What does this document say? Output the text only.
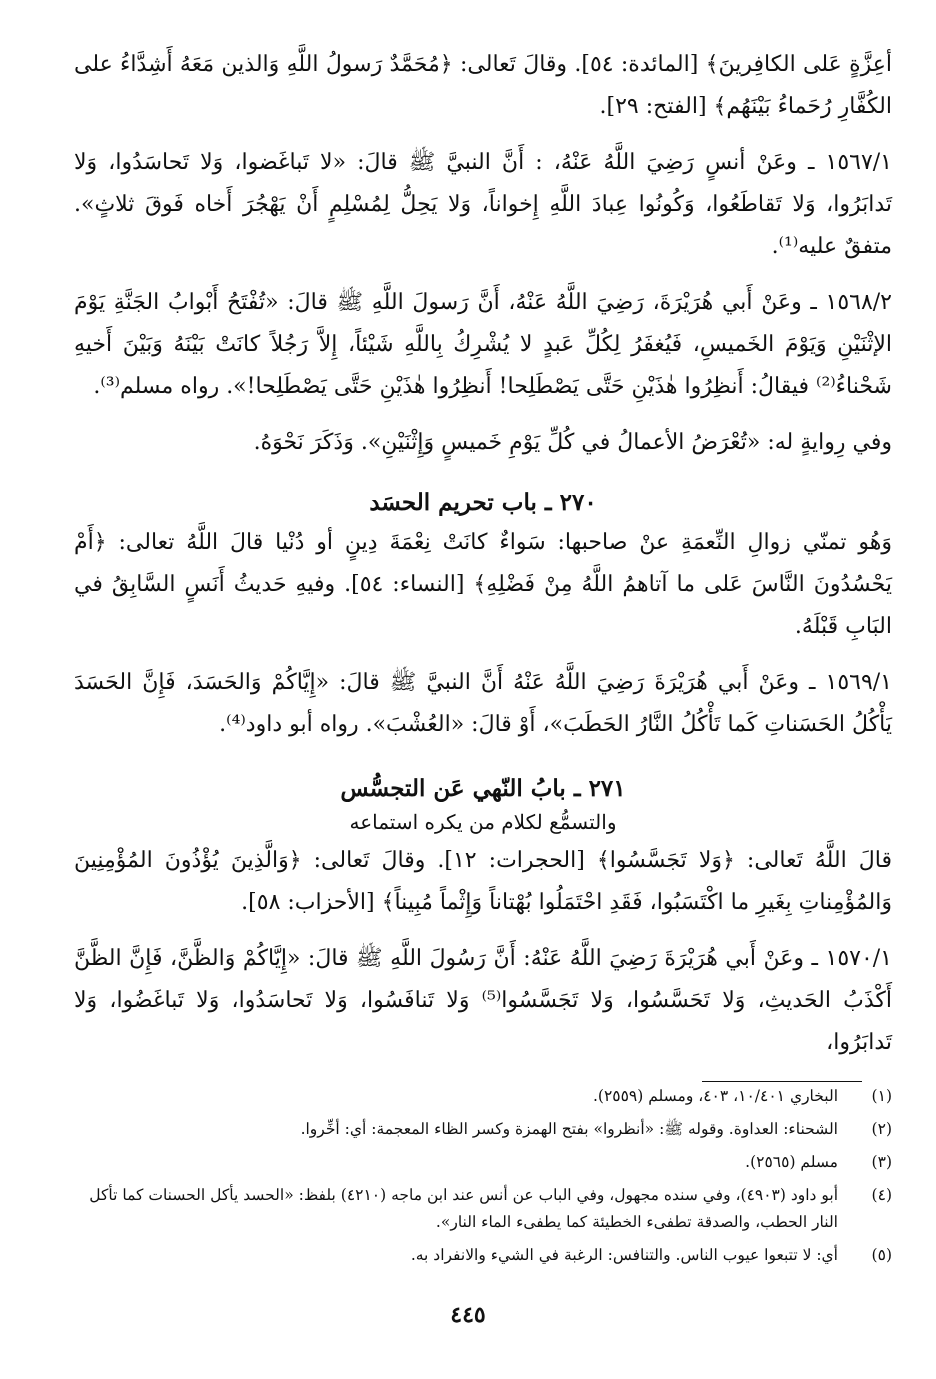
أعِزَّةٍ عَلى الكافِرينَ﴾ [المائدة: ٥٤]. وقالَ تَعالى: ﴿مُحَمَّدٌ رَسولُ اللَّهِ وَالذين مَعَهُ أَشِدَّاءُ على الكُفَّارِ رُحَماءُ بَيْنَهُم﴾ [الفتح: ٢٩].

١٥٦٧/١ ـ وعَنْ أنسٍ رَضِيَ اللَّهُ عَنْهُ، : أَنَّ النبيَّ ﷺ قالَ: «لا تَباغَضوا، وَلا تَحاسَدُوا، وَلا تَدابَرُوا، وَلا تَقاطَعُوا، وَكُونُوا عِبادَ اللَّهِ إِخواناً، وَلا يَحِلُّ لِمُسْلِمٍ أَنْ يَهْجُرَ أَخاه فَوقَ ثلاثٍ». متفقٌ عليه⁽¹⁾.

١٥٦٨/٢ ـ وعَنْ أَبي هُرَيْرَةَ، رَضِيَ اللَّهُ عَنْهُ، أَنَّ رَسولَ اللَّهِ ﷺ قالَ: «تُفْتَحُ أَبْوابُ الجَنَّةِ يَوْمَ الإثْنَيْنِ وَيَوْمَ الخَميسِ، فَيُغفَرُ لِكُلِّ عَبدٍ لا يُشْرِكُ بِاللَّهِ شَيْئاً، إِلاَّ رَجُلاً كانَتْ بَيْنَهُ وَبَيْنَ أَخيهِ شَحْناءُ⁽²⁾ فيقالُ: أَنظِرُوا هٰذَيْنِ حَتَّى يَصْطَلِحا! أَنظِرُوا هٰذَيْنِ حَتَّى يَصْطَلِحا!». رواه مسلم⁽³⁾.

وفي رِوايةٍ له: «تُعْرَضُ الأعمالُ في كُلِّ يَوْمِ خَميسٍ وَإِثْنَيْنِ». وَذَكَرَ نَحْوَهُ.

٢٧٠ ـ باب تحريم الحسَد

وَهُو تمنّي زوالِ النِّعمَةِ عنْ صاحبها: سَواءٌ كانَتْ نِعْمَةَ دِينٍ أو دُنْيا قالَ اللَّهُ تعالى: ﴿أَمْ يَحْسُدُونَ النَّاسَ عَلى ما آتاهمُ اللَّهُ مِنْ فَضْلِهِ﴾ [النساء: ٥٤]. وفيهِ حَديثُ أَنَسٍ السَّابِقُ في البَابِ قَبْلَهُ.

١٥٦٩/١ ـ وعَنْ أَبي هُرَيْرَةَ رَضِيَ اللَّهُ عَنْهُ أَنَّ النبيَّ ﷺ قالَ: «إِيَّاكُمْ وَالحَسَدَ، فَإِنَّ الحَسَدَ يَأْكُلُ الحَسَناتِ كَما تَأْكُلُ النَّارُ الحَطَبَ»، أَوْ قالَ: «العُشْبَ». رواه أبو داود⁽⁴⁾.

٢٧١ ـ بابُ النّهي عَن التجسُّس

والتسمُّع لكلام من يكره استماعه

قالَ اللَّهُ تَعالى: ﴿وَلا تَجَسَّسُوا﴾ [الحجرات: ١٢]. وقالَ تَعالى: ﴿وَالَّذِينَ يُؤْذُونَ المُؤْمِنِينَ وَالمُؤْمِناتِ بِغَيرِ ما اكْتَسَبُوا، فَقَدِ احْتَمَلُوا بُهْتاناً وَإِثْماً مُبِيناً﴾ [الأحزاب: ٥٨].

١٥٧٠/١ ـ وعَنْ أَبي هُرَيْرَةَ رَضِيَ اللَّهُ عَنْهُ: أَنَّ رَسُولَ اللَّهِ ﷺ قالَ: «إِيَّاكُمْ وَالظَّنَّ، فَإِنَّ الظَّنَّ أَكْذَبُ الحَديثِ، وَلا تَحَسَّسُوا، وَلا تَجَسَّسُوا⁽⁵⁾ وَلا تَنافَسُوا، وَلا تَحاسَدُوا، وَلا تَباغَضُوا، وَلا تَدابَرُوا،

(١)
البخاري ١٠/٤٠١، ٤٠٣، ومسلم (٢٥٥٩).
(٢)
الشحناء: العداوة. وقوله ﷺ: «أنظروا» بفتح الهمزة وكسر الظاء المعجمة: أي: أخِّروا.
(٣)
مسلم (٢٥٦٥).
(٤)
أبو داود (٤٩٠٣)، وفي سنده مجهول، وفي الباب عن أنس عند ابن ماجه (٤٢١٠) بلفظ: «الحسد يأكل الحسنات كما تأكل النار الحطب، والصدقة تطفىء الخطيئة كما يطفىء الماء النار».
(٥)
أي: لا تتبعوا عيوب الناس. والتنافس: الرغبة في الشيء والانفراد به.
٤٤٥
